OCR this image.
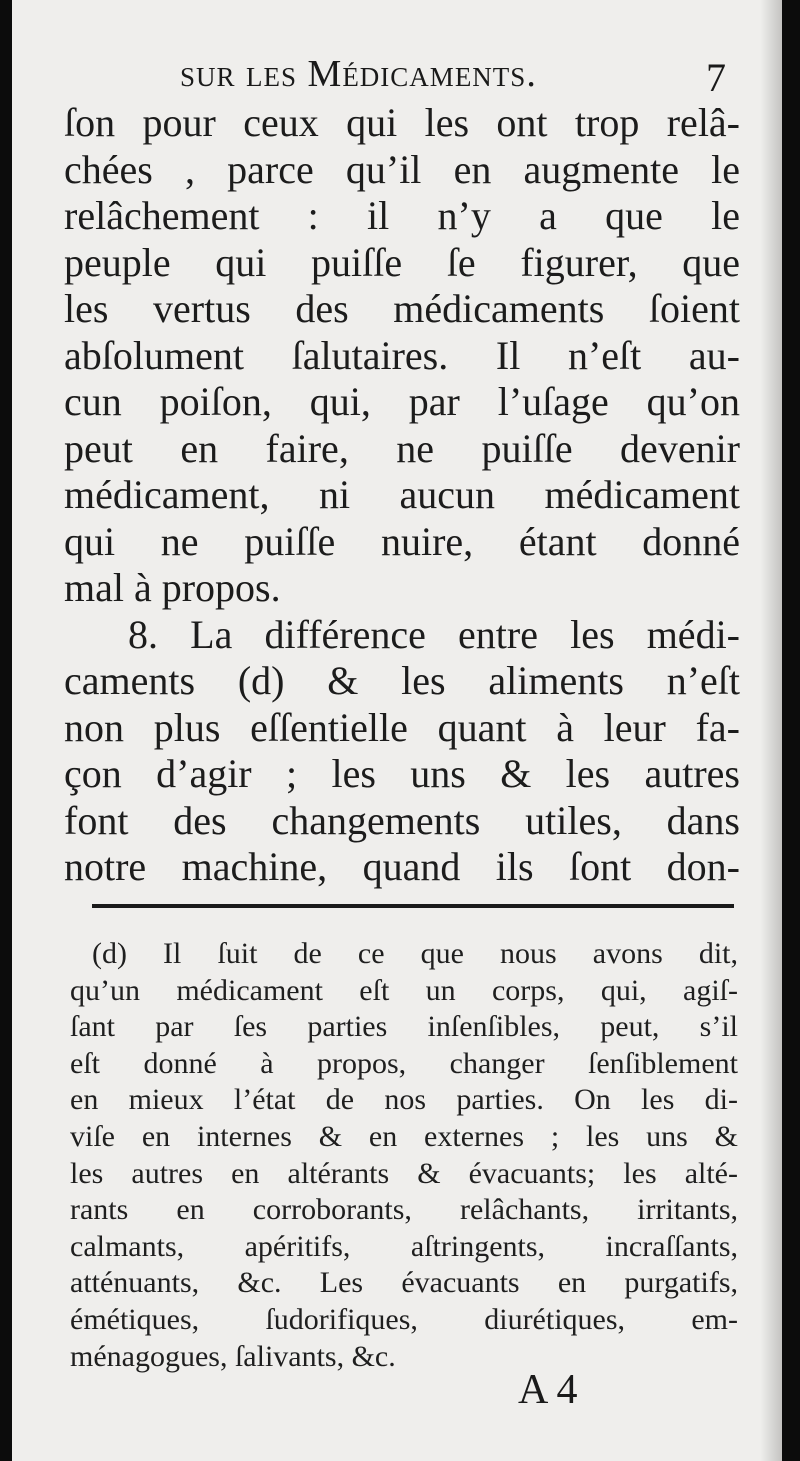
sur les Médicaments.	7
ſon pour ceux qui les ont trop relâ-
chées , parce qu’il en augmente le
relâchement : il n’y a que le
peuple qui puiſſe ſe figurer, que
les vertus des médicaments ſoient
abſolument ſalutaires. Il n’eſt au-
cun poiſon, qui, par l’uſage qu’on
peut en faire, ne puiſſe devenir
médicament, ni aucun médicament
qui ne puiſſe nuire, étant donné
mal à propos.
8. La différence entre les médi-
caments (d) & les aliments n’eſt
non plus eſſentielle quant à leur fa-
çon d’agir ; les uns & les autres
font des changements utiles, dans
notre machine, quand ils ſont don-
(d) Il ſuit de ce que nous avons dit,
qu’un médicament eſt un corps, qui, agiſ-
ſant par ſes parties inſenſibles, peut, s’il
eſt donné à propos, changer ſenſiblement
en mieux l’état de nos parties. On les di-
viſe en internes & en externes ; les uns &
les autres en altérants & évacuants; les alté-
rants en corroborants, relâchants, irritants,
calmants, apéritifs, aſtringents, incraſſants,
atténuants, &c. Les évacuants en purgatifs,
émétiques, ſudorifiques, diurétiques, em-
ménagogues, ſalivants, &c.
A 4
